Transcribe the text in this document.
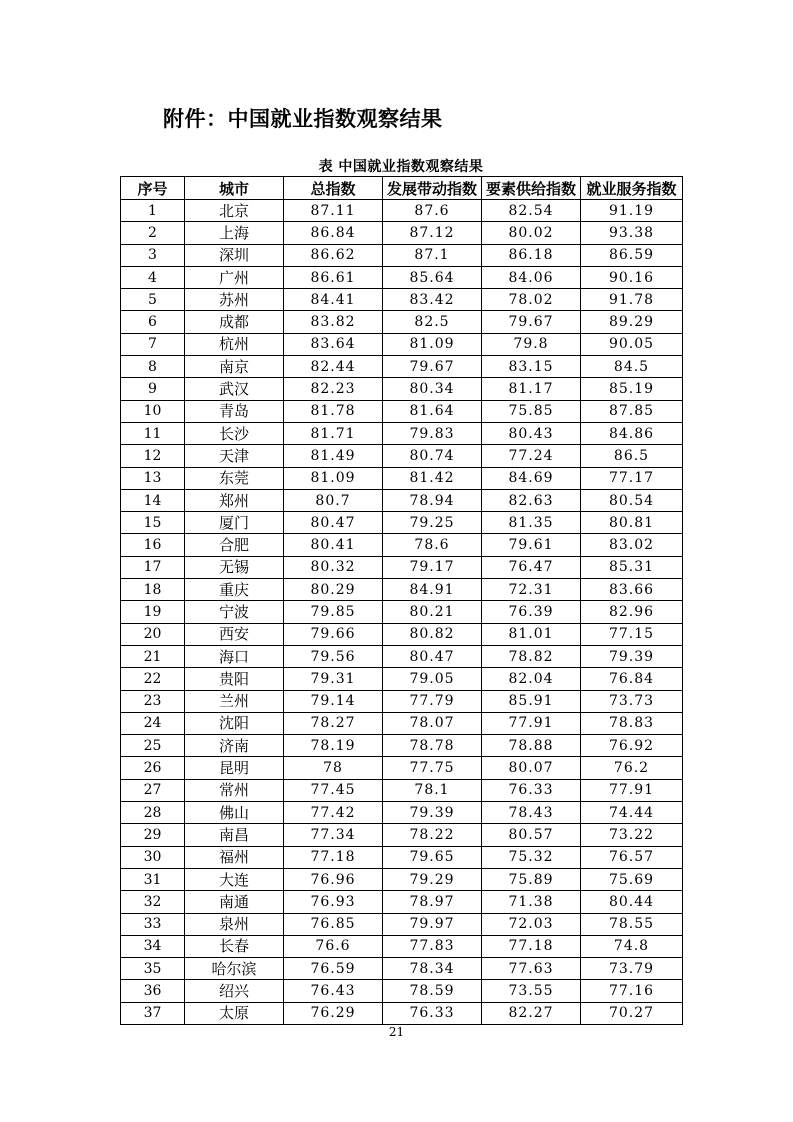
附件：中国就业指数观察结果
表 中国就业指数观察结果
序号	城市	总指数	发展带动指数	要素供给指数	就业服务指数
1	北京	87.11	87.6	82.54	91.19
2	上海	86.84	87.12	80.02	93.38
3	深圳	86.62	87.1	86.18	86.59
4	广州	86.61	85.64	84.06	90.16
5	苏州	84.41	83.42	78.02	91.78
6	成都	83.82	82.5	79.67	89.29
7	杭州	83.64	81.09	79.8	90.05
8	南京	82.44	79.67	83.15	84.5
9	武汉	82.23	80.34	81.17	85.19
10	青岛	81.78	81.64	75.85	87.85
11	长沙	81.71	79.83	80.43	84.86
12	天津	81.49	80.74	77.24	86.5
13	东莞	81.09	81.42	84.69	77.17
14	郑州	80.7	78.94	82.63	80.54
15	厦门	80.47	79.25	81.35	80.81
16	合肥	80.41	78.6	79.61	83.02
17	无锡	80.32	79.17	76.47	85.31
18	重庆	80.29	84.91	72.31	83.66
19	宁波	79.85	80.21	76.39	82.96
20	西安	79.66	80.82	81.01	77.15
21	海口	79.56	80.47	78.82	79.39
22	贵阳	79.31	79.05	82.04	76.84
23	兰州	79.14	77.79	85.91	73.73
24	沈阳	78.27	78.07	77.91	78.83
25	济南	78.19	78.78	78.88	76.92
26	昆明	78	77.75	80.07	76.2
27	常州	77.45	78.1	76.33	77.91
28	佛山	77.42	79.39	78.43	74.44
29	南昌	77.34	78.22	80.57	73.22
30	福州	77.18	79.65	75.32	76.57
31	大连	76.96	79.29	75.89	75.69
32	南通	76.93	78.97	71.38	80.44
33	泉州	76.85	79.97	72.03	78.55
34	长春	76.6	77.83	77.18	74.8
35	哈尔滨	76.59	78.34	77.63	73.79
36	绍兴	76.43	78.59	73.55	77.16
37	太原	76.29	76.33	82.27	70.27
21
